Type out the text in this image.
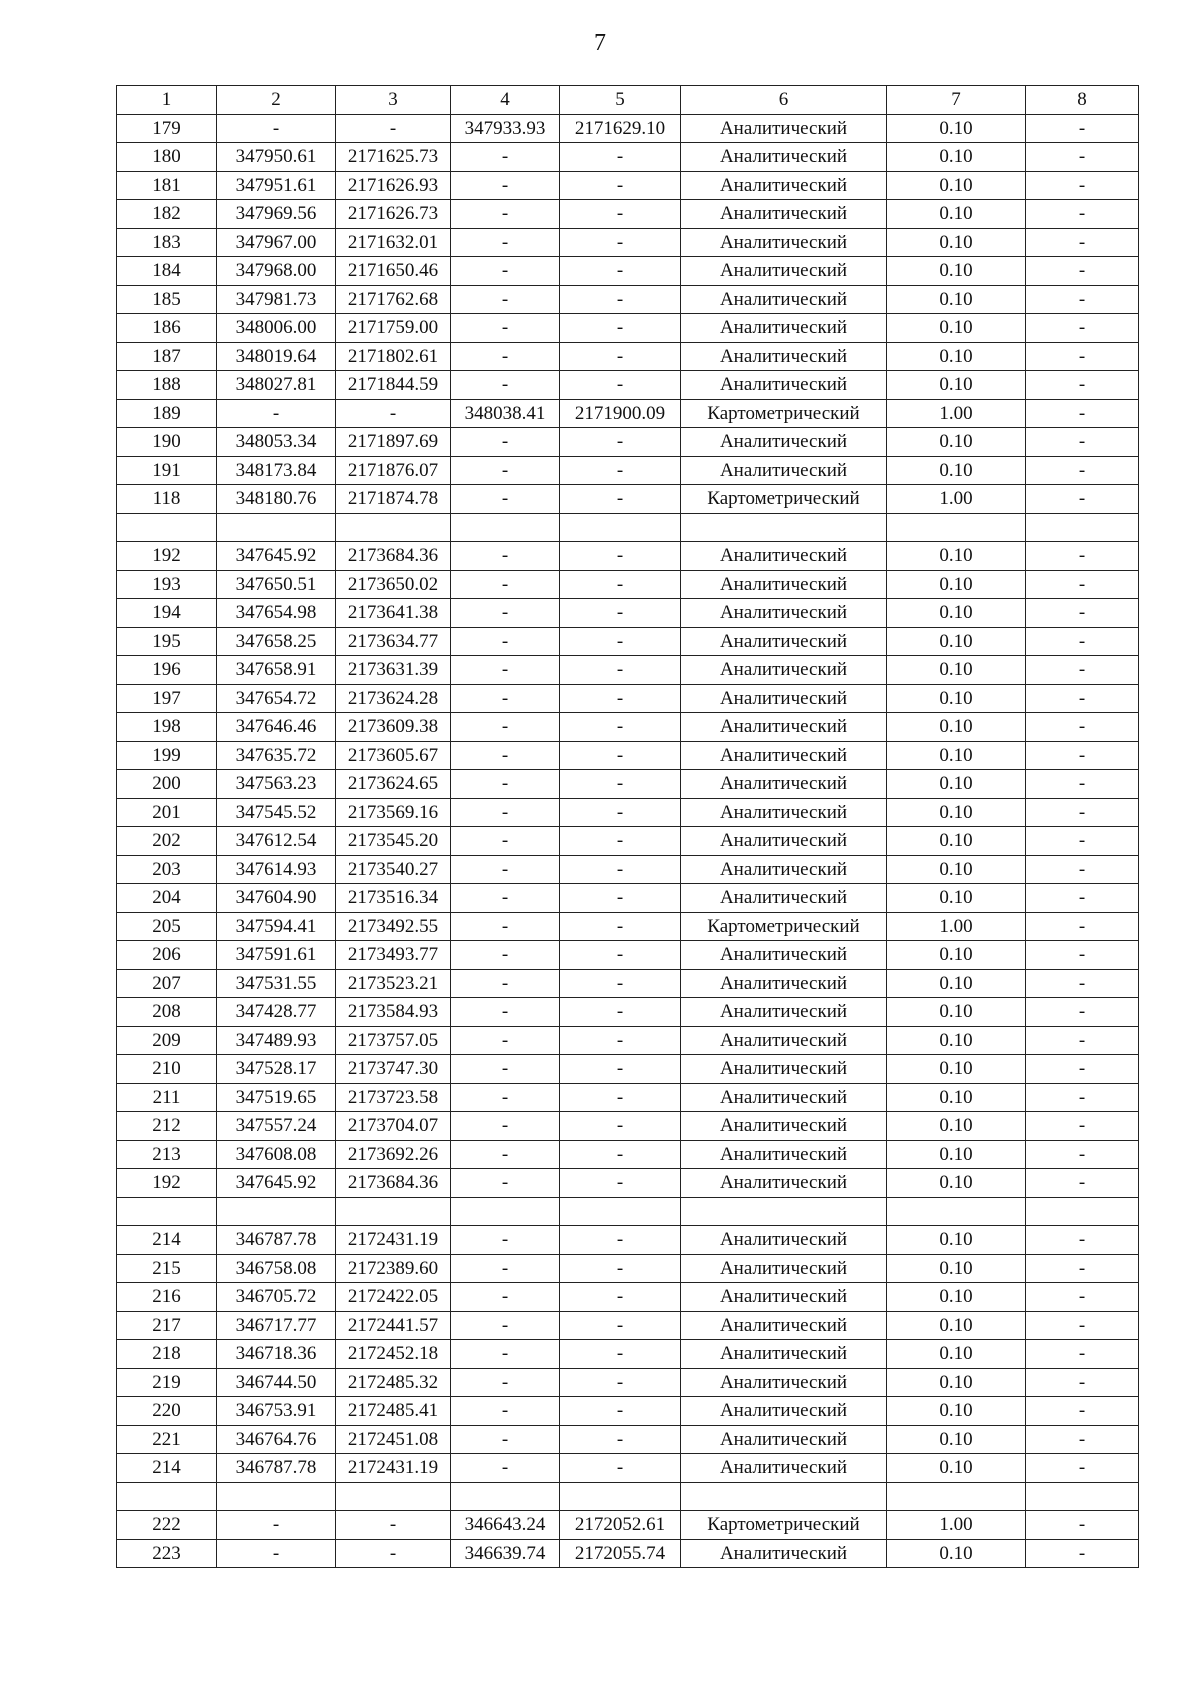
7
1	2	3	4	5	6	7	8
179	-	-	347933.93	2171629.10	Аналитический	0.10	-
180	347950.61	2171625.73	-	-	Аналитический	0.10	-
181	347951.61	2171626.93	-	-	Аналитический	0.10	-
182	347969.56	2171626.73	-	-	Аналитический	0.10	-
183	347967.00	2171632.01	-	-	Аналитический	0.10	-
184	347968.00	2171650.46	-	-	Аналитический	0.10	-
185	347981.73	2171762.68	-	-	Аналитический	0.10	-
186	348006.00	2171759.00	-	-	Аналитический	0.10	-
187	348019.64	2171802.61	-	-	Аналитический	0.10	-
188	348027.81	2171844.59	-	-	Аналитический	0.10	-
189	-	-	348038.41	2171900.09	Картометрический	1.00	-
190	348053.34	2171897.69	-	-	Аналитический	0.10	-
191	348173.84	2171876.07	-	-	Аналитический	0.10	-
118	348180.76	2171874.78	-	-	Картометрический	1.00	-

192	347645.92	2173684.36	-	-	Аналитический	0.10	-
193	347650.51	2173650.02	-	-	Аналитический	0.10	-
194	347654.98	2173641.38	-	-	Аналитический	0.10	-
195	347658.25	2173634.77	-	-	Аналитический	0.10	-
196	347658.91	2173631.39	-	-	Аналитический	0.10	-
197	347654.72	2173624.28	-	-	Аналитический	0.10	-
198	347646.46	2173609.38	-	-	Аналитический	0.10	-
199	347635.72	2173605.67	-	-	Аналитический	0.10	-
200	347563.23	2173624.65	-	-	Аналитический	0.10	-
201	347545.52	2173569.16	-	-	Аналитический	0.10	-
202	347612.54	2173545.20	-	-	Аналитический	0.10	-
203	347614.93	2173540.27	-	-	Аналитический	0.10	-
204	347604.90	2173516.34	-	-	Аналитический	0.10	-
205	347594.41	2173492.55	-	-	Картометрический	1.00	-
206	347591.61	2173493.77	-	-	Аналитический	0.10	-
207	347531.55	2173523.21	-	-	Аналитический	0.10	-
208	347428.77	2173584.93	-	-	Аналитический	0.10	-
209	347489.93	2173757.05	-	-	Аналитический	0.10	-
210	347528.17	2173747.30	-	-	Аналитический	0.10	-
211	347519.65	2173723.58	-	-	Аналитический	0.10	-
212	347557.24	2173704.07	-	-	Аналитический	0.10	-
213	347608.08	2173692.26	-	-	Аналитический	0.10	-
192	347645.92	2173684.36	-	-	Аналитический	0.10	-

214	346787.78	2172431.19	-	-	Аналитический	0.10	-
215	346758.08	2172389.60	-	-	Аналитический	0.10	-
216	346705.72	2172422.05	-	-	Аналитический	0.10	-
217	346717.77	2172441.57	-	-	Аналитический	0.10	-
218	346718.36	2172452.18	-	-	Аналитический	0.10	-
219	346744.50	2172485.32	-	-	Аналитический	0.10	-
220	346753.91	2172485.41	-	-	Аналитический	0.10	-
221	346764.76	2172451.08	-	-	Аналитический	0.10	-
214	346787.78	2172431.19	-	-	Аналитический	0.10	-

222	-	-	346643.24	2172052.61	Картометрический	1.00	-
223	-	-	346639.74	2172055.74	Аналитический	0.10	-
